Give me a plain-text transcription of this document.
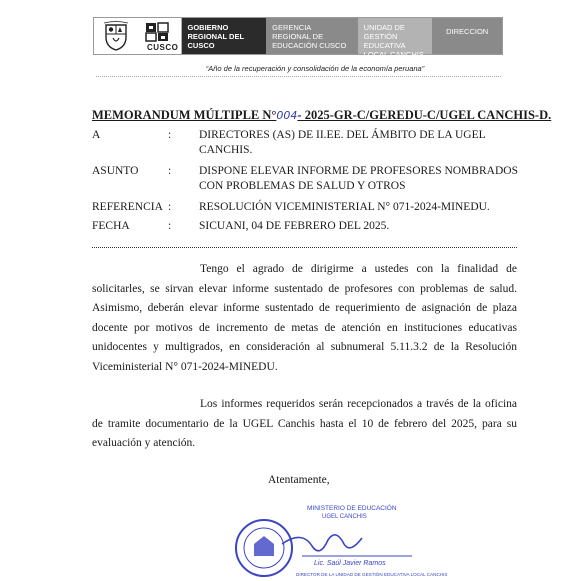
CUSCO
GOBIERNO REGIONAL DEL CUSCO
GERENCIA REGIONAL DE EDUCACIÓN CUSCO
UNIDAD DE GESTIÓN EDUCATIVA LOCAL CANCHIS
DIRECCION
“Año de la recuperación y consolidación de la economía peruana”
MEMORANDUM MÚLTIPLE N°004- 2025-GR-C/GEREDU-C/UGEL CANCHIS-D.
A	: DIRECTORES (AS) DE II.EE. DEL ÁMBITO DE LA UGEL CANCHIS.
ASUNTO	: DISPONE ELEVAR INFORME DE PROFESORES NOMBRADOS CON PROBLEMAS DE SALUD Y OTROS
REFERENCIA : RESOLUCIÓN VICEMINISTERIAL N° 071-2024-MINEDU.
FECHA	: SICUANI, 04 DE FEBRERO DEL 2025.

Tengo el agrado de dirigirme a ustedes con la finalidad de solicitarles, se sirvan elevar informe sustentado de profesores con problemas de salud. Asimismo, deberán elevar informe sustentado de requerimiento de asignación de plaza docente por motivos de incremento de metas de atención en instituciones educativas unidocentes y multigrados, en consideración al subnumeral 5.11.3.2 de la Resolución Viceministerial N° 071-2024-MINEDU.

Los informes requeridos serán recepcionados a través de la oficina de tramite documentario de la UGEL Canchis hasta el 10 de febrero del 2025, para su evaluación y atención.

Atentamente,
MINISTERIO DE EDUCACIÓN
UGEL CANCHIS
Lic. Saúl Javier Ramos
DIRECTOR DE LA UNIDAD DE GESTIÓN EDUCATIVA LOCAL CANCHIS
